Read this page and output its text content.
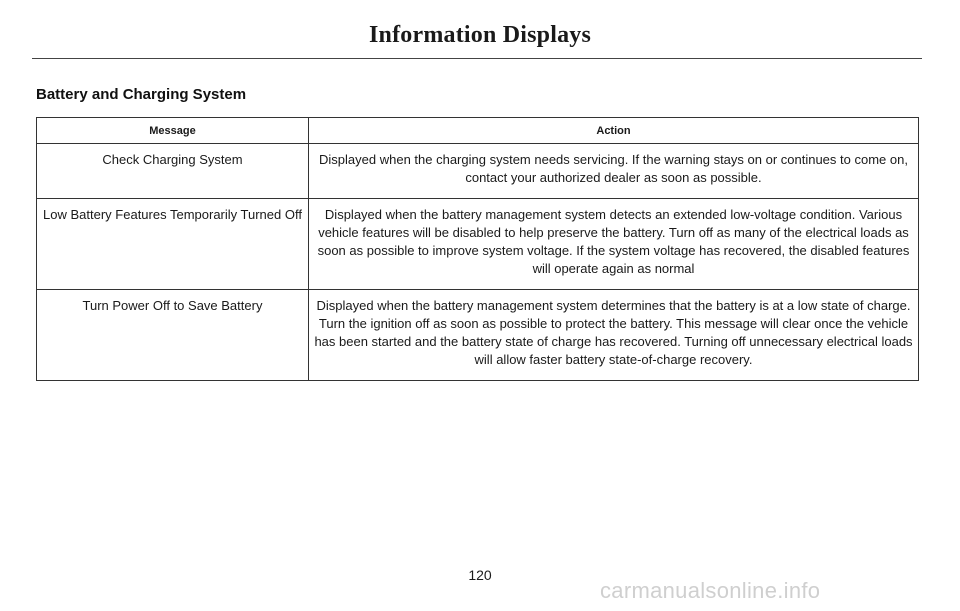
Information Displays
Battery and Charging System
Message	Action
Check Charging System	Displayed when the charging system needs servicing. If the warning stays on or continues to come on, contact your authorized dealer as soon as possible.
Low Battery Features Temporarily Turned Off	Displayed when the battery management system detects an extended low-voltage condition. Various vehicle features will be disabled to help preserve the battery. Turn off as many of the electrical loads as soon as possible to improve system voltage. If the system voltage has recovered, the disabled features will operate again as normal
Turn Power Off to Save Battery	Displayed when the battery management system determines that the battery is at a low state of charge. Turn the ignition off as soon as possible to protect the battery. This message will clear once the vehicle has been started and the battery state of charge has recovered. Turning off unnecessary electrical loads will allow faster battery state-of-charge recovery.
120
carmanualsonline.info
